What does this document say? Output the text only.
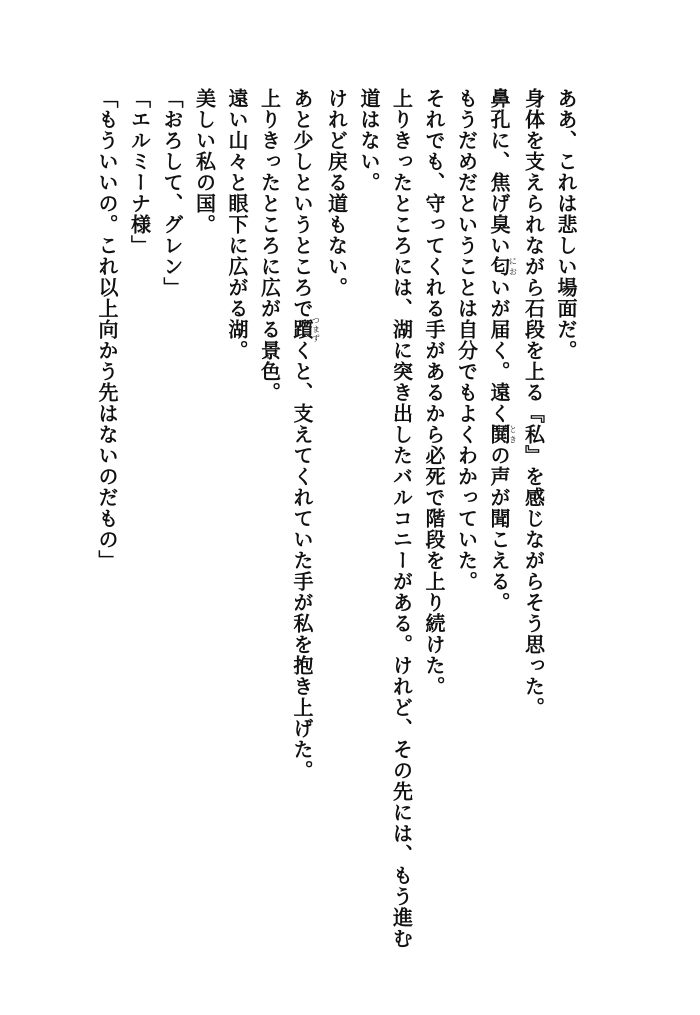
ああ、これは悲しい場面だ。

身体を支えられながら石段を上る『私』を感じながらそう思った。

鼻孔に、焦げ臭い匂においが届く。遠く鬨ときの声が聞こえる。

もうだめだということは自分でもよくわかっていた。

それでも、守ってくれる手があるから必死で階段を上り続けた。

上りきったところには、湖に突き出したバルコニーがある。けれど、その先には、もう進む

道はない。

けれど戻る道もない。

あと少しというところで躓つまずくと、支えてくれていた手が私を抱き上げた。

上りきったところに広がる景色。

遠い山々と眼下に広がる湖。

美しい私の国。

「おろして、グレン」

「エルミーナ様」

「もういいの。これ以上向かう先はないのだもの」
